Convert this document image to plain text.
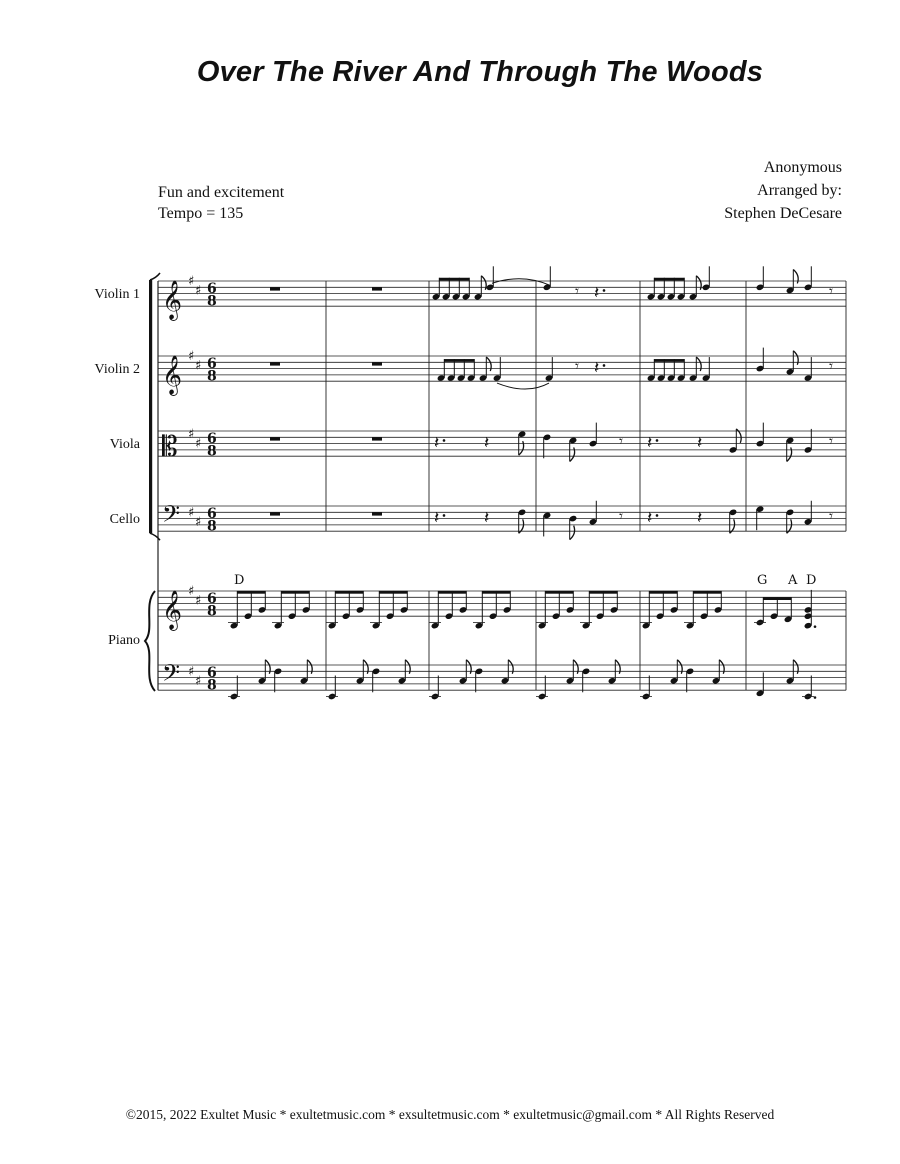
Over The River And Through The Woods
Anonymous
Arranged by:
Stephen DeCesare
Fun and excitement
Tempo = 135
Violin 1
Violin 2
Viola
Cello
Piano
𝄞
𝄞
𝄡
𝄢
𝄞
𝄢
♯
♯ 6
8
♯
♯ 6
8
♯
♯ 6
8
♯
♯
6
8
♯
♯ 6
8
♯
♯
6
8
𝄾 𝄽	𝄾
𝄾 𝄽	𝄾
𝄽	𝄽	𝄾 𝄽	𝄽	𝄾
𝄽	𝄽	𝄾 𝄽	𝄽	𝄾
D	G A D
©2015, 2022 Exultet Music * exultetmusic.com * exsultetmusic.com * exultetmusic@gmail.com * All Rights Reserved
